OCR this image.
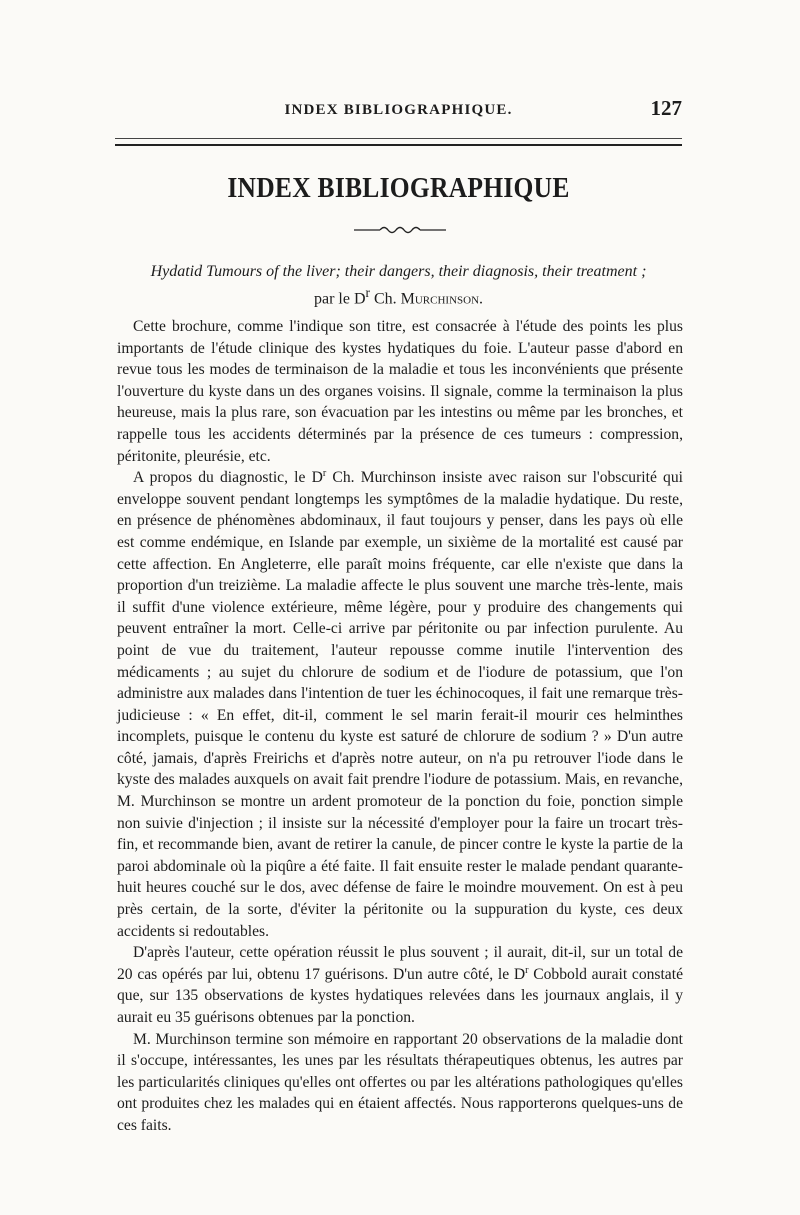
INDEX BIBLIOGRAPHIQUE.	127
INDEX BIBLIOGRAPHIQUE
Hydatid Tumours of the liver; their dangers, their diagnosis, their treatment ;
par le $D^r$ Ch. Murchinson.

Cette brochure, comme l'indique son titre, est consacrée à l'étude des points les plus importants de l'étude clinique des kystes hydatiques du foie. L'auteur passe d'abord en revue tous les modes de terminaison de la maladie et tous les inconvénients que présente l'ouverture du kyste dans un des organes voisins. Il signale, comme la terminaison la plus heureuse, mais la plus rare, son évacuation par les intestins ou même par les bronches, et rappelle tous les accidents déterminés par la présence de ces tumeurs : compression, péritonite, pleurésie, etc.

A propos du diagnostic, le $D^r$ Ch. Murchinson insiste avec raison sur l'obscurité qui enveloppe souvent pendant longtemps les symptômes de la maladie hydatique. Du reste, en présence de phénomènes abdominaux, il faut toujours y penser, dans les pays où elle est comme endémique, en Islande par exemple, un sixième de la mortalité est causé par cette affection. En Angleterre, elle paraît moins fréquente, car elle n'existe que dans la proportion d'un treizième. La maladie affecte le plus souvent une marche très-lente, mais il suffit d'une violence extérieure, même légère, pour y produire des changements qui peuvent entraîner la mort. Celle-ci arrive par péritonite ou par infection purulente. Au point de vue du traitement, l'auteur repousse comme inutile l'intervention des médicaments ; au sujet du chlorure de sodium et de l'iodure de potassium, que l'on administre aux malades dans l'intention de tuer les échinocoques, il fait une remarque très-judicieuse : « En effet, dit-il, comment le sel marin ferait-il mourir ces helminthes incomplets, puisque le contenu du kyste est saturé de chlorure de sodium ? » D'un autre côté, jamais, d'après Freirichs et d'après notre auteur, on n'a pu retrouver l'iode dans le kyste des malades auxquels on avait fait prendre l'iodure de potassium. Mais, en revanche, M. Murchinson se montre un ardent promoteur de la ponction du foie, ponction simple non suivie d'injection ; il insiste sur la nécessité d'employer pour la faire un trocart très-fin, et recommande bien, avant de retirer la canule, de pincer contre le kyste la partie de la paroi abdominale où la piqûre a été faite. Il fait ensuite rester le malade pendant quarante-huit heures couché sur le dos, avec défense de faire le moindre mouvement. On est à peu près certain, de la sorte, d'éviter la péritonite ou la suppuration du kyste, ces deux accidents si redoutables.

D'après l'auteur, cette opération réussit le plus souvent ; il aurait, dit-il, sur un total de 20 cas opérés par lui, obtenu 17 guérisons. D'un autre côté, le $D^r$ Cobbold aurait constaté que, sur 135 observations de kystes hydatiques relevées dans les journaux anglais, il y aurait eu 35 guérisons obtenues par la ponction.

M. Murchinson termine son mémoire en rapportant 20 observations de la maladie dont il s'occupe, intéressantes, les unes par les résultats thérapeutiques obtenus, les autres par les particularités cliniques qu'elles ont offertes ou par les altérations pathologiques qu'elles ont produites chez les malades qui en étaient affectés. Nous rapporterons quelques-uns de ces faits.
